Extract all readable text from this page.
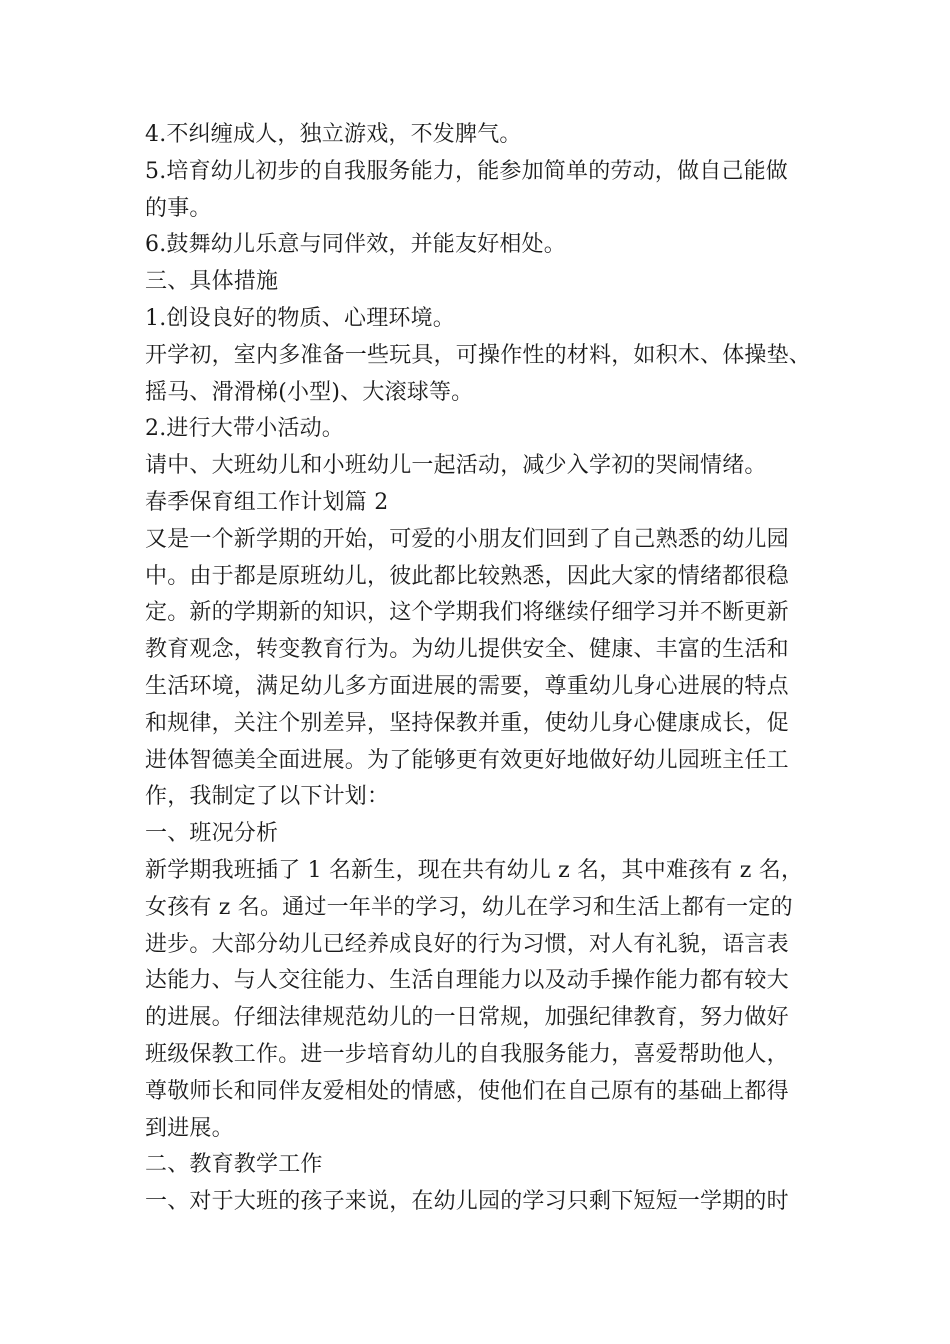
4.不纠缠成人，独立游戏，不发脾气。
5.培育幼儿初步的自我服务能力，能参加简单的劳动，做自己能做
的事。
6.鼓舞幼儿乐意与同伴效，并能友好相处。
三、具体措施
1.创设良好的物质、心理环境。
开学初，室内多准备一些玩具，可操作性的材料，如积木、体操垫、
摇马、滑滑梯(小型)、大滚球等。
2.进行大带小活动。
请中、大班幼儿和小班幼儿一起活动，减少入学初的哭闹情绪。
春季保育组工作计划篇 2
又是一个新学期的开始，可爱的小朋友们回到了自己熟悉的幼儿园
中。由于都是原班幼儿，彼此都比较熟悉，因此大家的情绪都很稳
定。新的学期新的知识，这个学期我们将继续仔细学习并不断更新
教育观念，转变教育行为。为幼儿提供安全、健康、丰富的生活和
生活环境，满足幼儿多方面进展的需要，尊重幼儿身心进展的特点
和规律，关注个别差异，坚持保教并重，使幼儿身心健康成长，促
进体智德美全面进展。为了能够更有效更好地做好幼儿园班主任工
作，我制定了以下计划：
一、班况分析
新学期我班插了 1 名新生，现在共有幼儿 z 名，其中难孩有 z 名，
女孩有 z 名。通过一年半的学习，幼儿在学习和生活上都有一定的
进步。大部分幼儿已经养成良好的行为习惯，对人有礼貌，语言表
达能力、与人交往能力、生活自理能力以及动手操作能力都有较大
的进展。仔细法律规范幼儿的一日常规，加强纪律教育，努力做好
班级保教工作。进一步培育幼儿的自我服务能力，喜爱帮助他人，
尊敬师长和同伴友爱相处的情感，使他们在自己原有的基础上都得
到进展。
二、教育教学工作
一、对于大班的孩子来说，在幼儿园的学习只剩下短短一学期的时
